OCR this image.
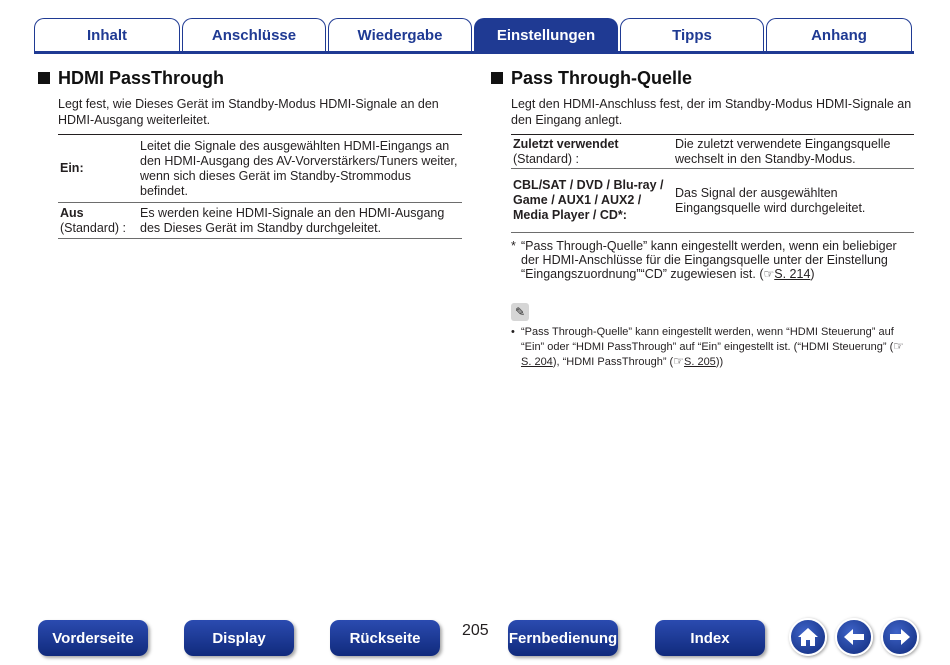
Inhalt	Anschlüsse	Wiedergabe	Einstellungen	Tipps	Anhang
HDMI PassThrough
Legt fest, wie Dieses Gerät im Standby-Modus HDMI-Signale an den HDMI-Ausgang weiterleitet.
Ein:	Leitet die Signale des ausgewählten HDMI-Eingangs an den HDMI-Ausgang des AV-Vorverstärkers/Tuners weiter, wenn sich dieses Gerät im Standby-Strommodus befindet.
Aus
(Standard) :	Es werden keine HDMI-Signale an den HDMI-Ausgang des Dieses Gerät im Standby durchgeleitet.
Pass Through-Quelle
Legt den HDMI-Anschluss fest, der im Standby-Modus HDMI-Signale an den Eingang anlegt.
Zuletzt verwendet
(Standard) :	Die zuletzt verwendete Eingangsquelle wechselt in den Standby-Modus.
CBL/SAT / DVD / Blu-ray / Game / AUX1 / AUX2 / Media Player / CD*:	Das Signal der ausgewählten Eingangsquelle wird durchgeleitet.
* “Pass Through-Quelle” kann eingestellt werden, wenn ein beliebiger der HDMI-Anschlüsse für die Eingangsquelle unter der Einstellung “Eingangszuordnung”“CD” zugewiesen ist. (☞S. 214)
✎
• “Pass Through-Quelle” kann eingestellt werden, wenn “HDMI Steuerung” auf “Ein” oder “HDMI PassThrough” auf “Ein” eingestellt ist. (“HDMI Steuerung” (☞S. 204), “HDMI PassThrough” (☞S. 205))
Vorderseite	Display	Rückseite	205 Fernbedienung	Index
